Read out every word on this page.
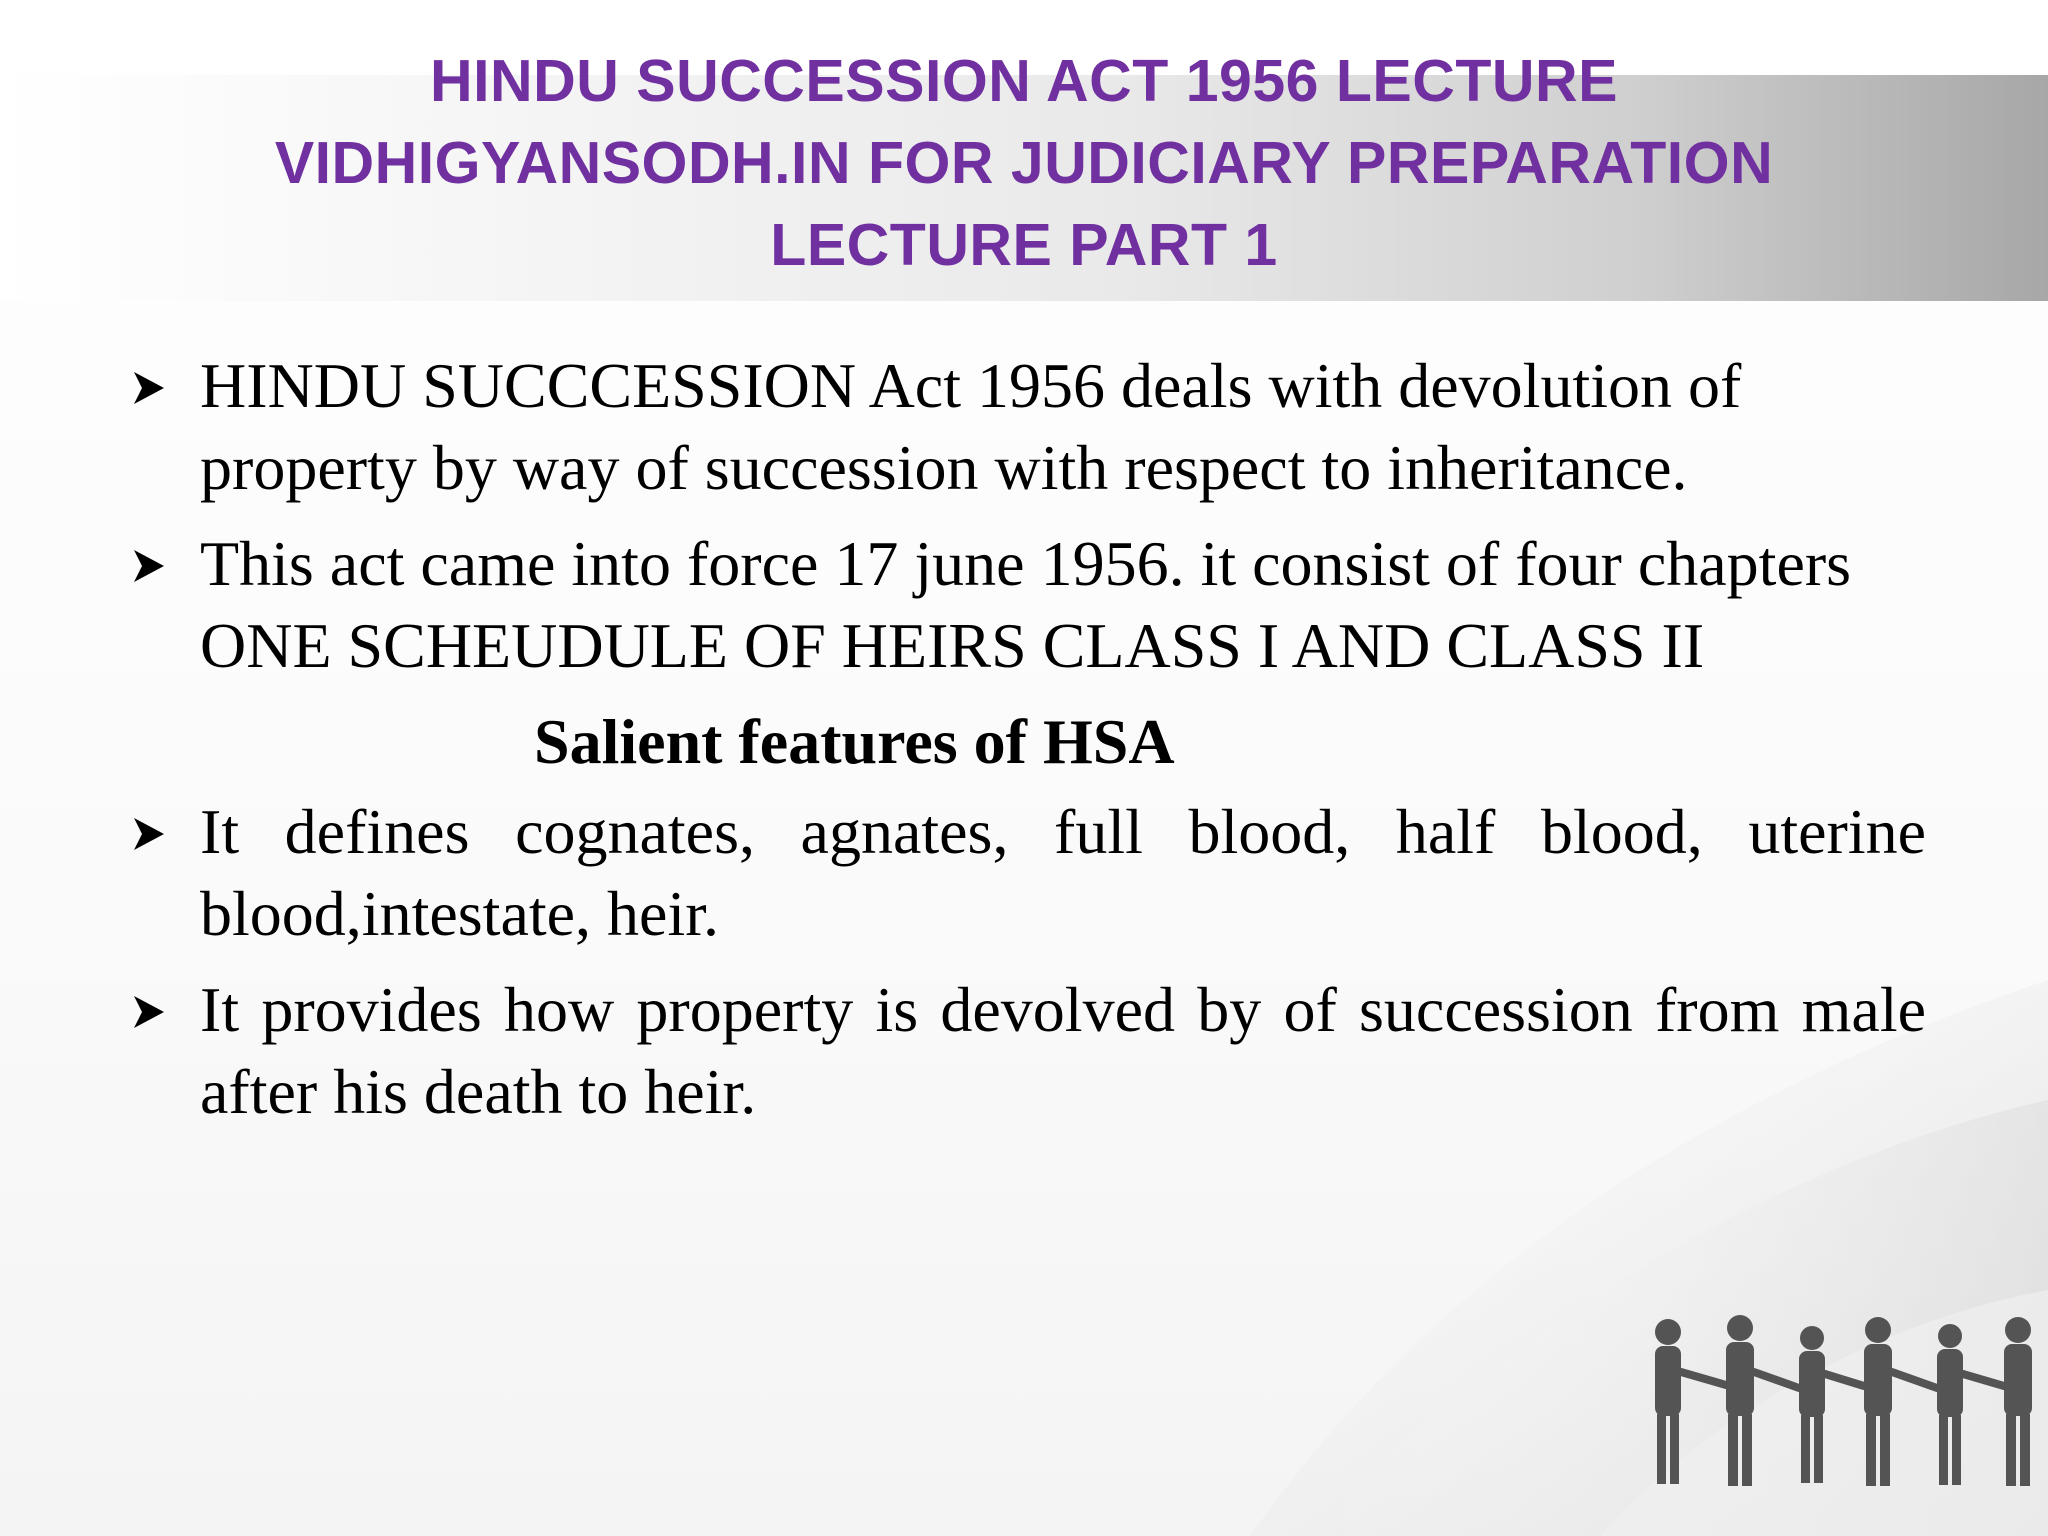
HINDU SUCCESSION ACT 1956 LECTURE
VIDHIGYANSODH.IN FOR JUDICIARY PREPARATION
LECTURE PART 1
HINDU SUCCCESSION Act 1956 deals with devolution of property by way of succession with respect to inheritance.
This act came into force 17 june 1956. it consist of four chapters ONE SCHEUDULE OF HEIRS CLASS I AND CLASS II
Salient features of HSA
It defines cognates, agnates, full blood, half blood, uterine blood,intestate, heir.
It provides how property is devolved by of succession from male after his death to heir.
